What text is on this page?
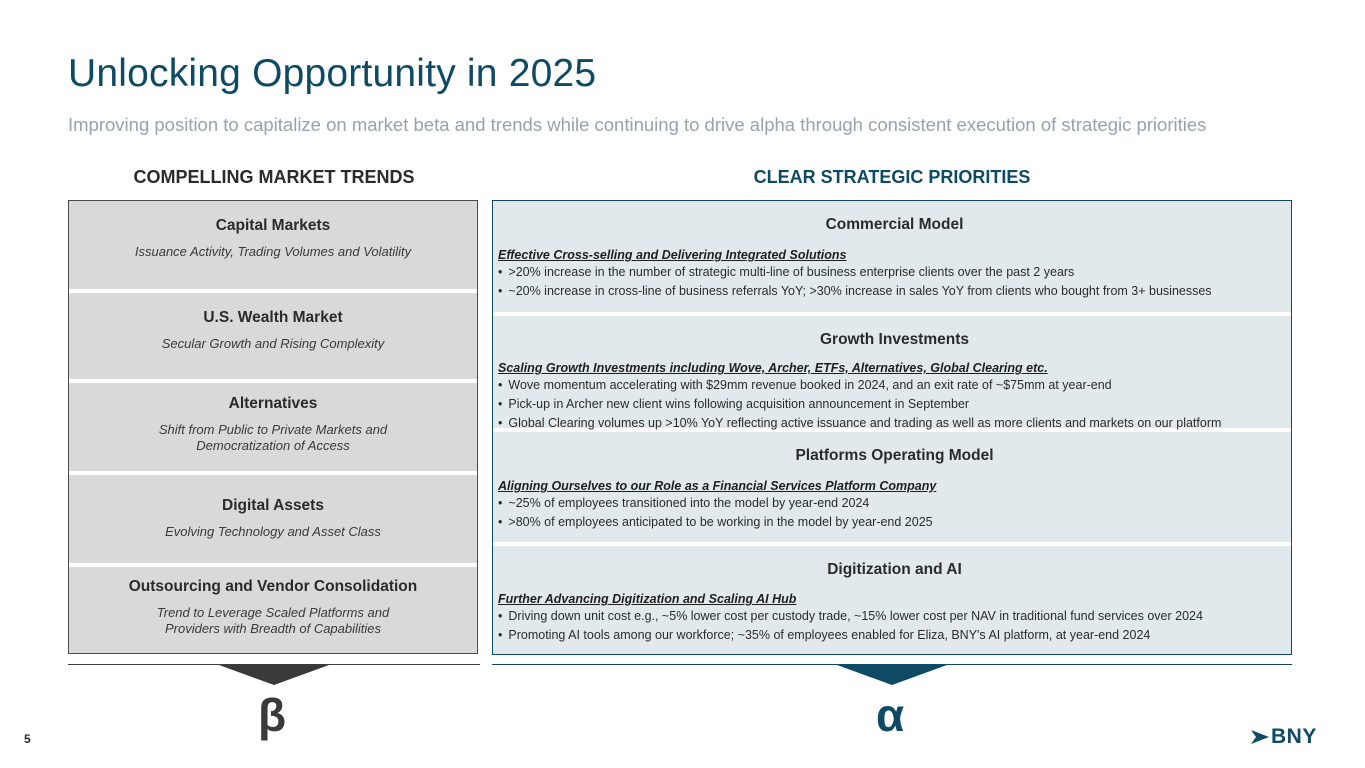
Unlocking Opportunity in 2025
Improving position to capitalize on market beta and trends while continuing to drive alpha through consistent execution of strategic priorities
COMPELLING MARKET TRENDS	CLEAR STRATEGIC PRIORITIES
Capital Markets
Issuance Activity, Trading Volumes and Volatility
U.S. Wealth Market
Secular Growth and Rising Complexity
Alternatives
Shift from Public to Private Markets and Democratization of Access
Digital Assets
Evolving Technology and Asset Class
Outsourcing and Vendor Consolidation
Trend to Leverage Scaled Platforms and Providers with Breadth of Capabilities
Commercial Model
Effective Cross-selling and Delivering Integrated Solutions
• >20% increase in the number of strategic multi-line of business enterprise clients over the past 2 years
• ~20% increase in cross-line of business referrals YoY; >30% increase in sales YoY from clients who bought from 3+ businesses
Growth Investments
Scaling Growth Investments including Wove, Archer, ETFs, Alternatives, Global Clearing etc.
• Wove momentum accelerating with $29mm revenue booked in 2024, and an exit rate of ~$75mm at year-end
• Pick-up in Archer new client wins following acquisition announcement in September
• Global Clearing volumes up >10% YoY reflecting active issuance and trading as well as more clients and markets on our platform
Platforms Operating Model
Aligning Ourselves to our Role as a Financial Services Platform Company
• ~25% of employees transitioned into the model by year-end 2024
• >80% of employees anticipated to be working in the model by year-end 2025
Digitization and AI
Further Advancing Digitization and Scaling AI Hub
• Driving down unit cost e.g., ~5% lower cost per custody trade, ~15% lower cost per NAV in traditional fund services over 2024
• Promoting AI tools among our workforce; ~35% of employees enabled for Eliza, BNY's AI platform, at year-end 2024
β	α
5	BNY
